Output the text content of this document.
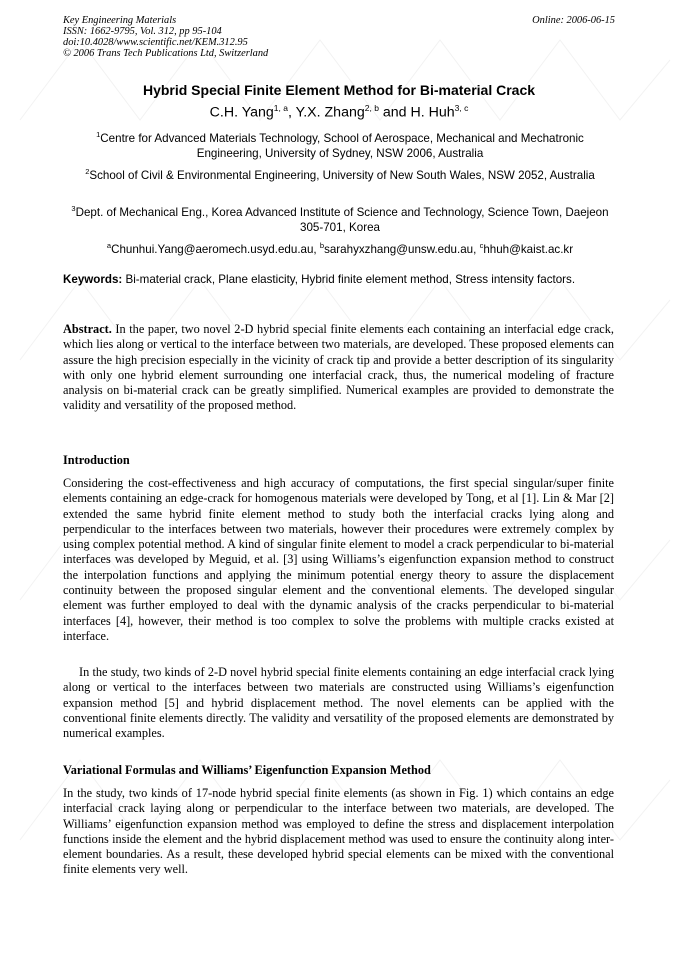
Key Engineering Materials
ISSN: 1662-9795, Vol. 312, pp 95-104
doi:10.4028/www.scientific.net/KEM.312.95
© 2006 Trans Tech Publications Ltd, Switzerland
Online: 2006-06-15
Hybrid Special Finite Element Method for Bi-material Crack
C.H. Yang$^{1, a}$, Y.X. Zhang$^{2, b}$ and H. Huh$^{3, c}$
$^1$Centre for Advanced Materials Technology, School of Aerospace, Mechanical and Mechatronic Engineering, University of Sydney, NSW 2006, Australia
$^2$School of Civil & Environmental Engineering, University of New South Wales, NSW 2052, Australia
$^3$Dept. of Mechanical Eng., Korea Advanced Institute of Science and Technology, Science Town, Daejeon 305-701, Korea
$^a$Chunhui.Yang@aeromech.usyd.edu.au, $^b$sarahyxzhang@unsw.edu.au, $^c$hhuh@kaist.ac.kr
Keywords: Bi-material crack, Plane elasticity, Hybrid finite element method, Stress intensity factors.
Abstract. In the paper, two novel 2-D hybrid special finite elements each containing an interfacial edge crack, which lies along or vertical to the interface between two materials, are developed. These proposed elements can assure the high precision especially in the vicinity of crack tip and provide a better description of its singularity with only one hybrid element surrounding one interfacial crack, thus, the numerical modeling of fracture analysis on bi-material crack can be greatly simplified. Numerical examples are provided to demonstrate the validity and versatility of the proposed method.
Introduction
Considering the cost-effectiveness and high accuracy of computations, the first special singular/super finite elements containing an edge-crack for homogenous materials were developed by Tong, et al [1]. Lin & Mar [2] extended the same hybrid finite element method to study both the interfacial cracks lying along and perpendicular to the interfaces between two materials, however their procedures were extremely complex by using complex potential method. A kind of singular finite element to model a crack perpendicular to bi-material interfaces was developed by Meguid, et al. [3] using Williams’s eigenfunction expansion method to construct the interpolation functions and applying the minimum potential energy theory to assure the displacement continuity between the proposed singular element and the conventional elements. The developed singular element was further employed to deal with the dynamic analysis of the cracks perpendicular to bi-material interfaces [4], however, their method is too complex to solve the problems with multiple cracks existed at interface.
In the study, two kinds of 2-D novel hybrid special finite elements containing an edge interfacial crack lying along or vertical to the interfaces between two materials are constructed using Williams’s eigenfunction expansion method [5] and hybrid displacement method. The novel elements can be applied with the conventional finite elements directly. The validity and versatility of the proposed elements are demonstrated by numerical examples.
Variational Formulas and Williams’ Eigenfunction Expansion Method
In the study, two kinds of 17-node hybrid special finite elements (as shown in Fig. 1) which contains an edge interfacial crack laying along or perpendicular to the interface between two materials, are developed. The Williams’ eigenfunction expansion method was employed to define the stress and displacement interpolation functions inside the element and the hybrid displacement method was used to ensure the continuity along inter-element boundaries. As a result, these developed hybrid special elements can be mixed with the conventional finite elements very well.
